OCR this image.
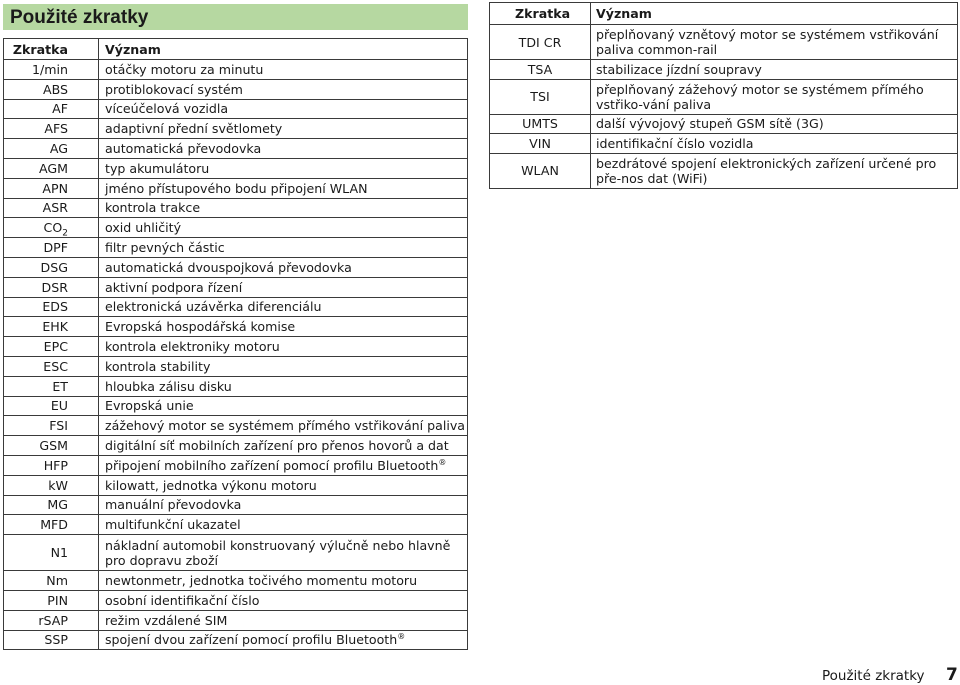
Použité zkratky
Zkratka	Význam
1/min	otáčky motoru za minutu
ABS	protiblokovací systém
AF	víceúčelová vozidla
AFS	adaptivní přední světlomety
AG	automatická převodovka
AGM	typ akumulátoru
APN	jméno přístupového bodu připojení WLAN
ASR	kontrola trakce
$CO_2$	oxid uhličitý
DPF	filtr pevných částic
DSG	automatická dvouspojková převodovka
DSR	aktivní podpora řízení
EDS	elektronická uzávěrka diferenciálu
EHK	Evropská hospodářská komise
EPC	kontrola elektroniky motoru
ESC	kontrola stability
ET	hloubka zálisu disku
EU	Evropská unie
FSI	zážehový motor se systémem přímého vstřikování paliva
GSM	digitální síť mobilních zařízení pro přenos hovorů a dat
HFP	připojení mobilního zařízení pomocí profilu Bluetooth®
kW	kilowatt, jednotka výkonu motoru
MG	manuální převodovka
MFD	multifunkční ukazatel
N1	nákladní automobil konstruovaný výlučně nebo hlavně pro dopravu zboží
Nm	newtonmetr, jednotka točivého momentu motoru
PIN	osobní identifikační číslo
rSAP	režim vzdálené SIM
SSP	spojení dvou zařízení pomocí profilu Bluetooth®
Zkratka	Význam
TDI CR	přeplňovaný vznětový motor se systémem vstřikování paliva common-rail
TSA	stabilizace jízdní soupravy
TSI	přeplňovaný zážehový motor se systémem přímého vstřiko-vání paliva
UMTS	další vývojový stupeň GSM sítě (3G)
VIN	identifikační číslo vozidla
WLAN	bezdrátové spojení elektronických zařízení určené pro pře-nos dat (WiFi)
Použité zkratky 7
